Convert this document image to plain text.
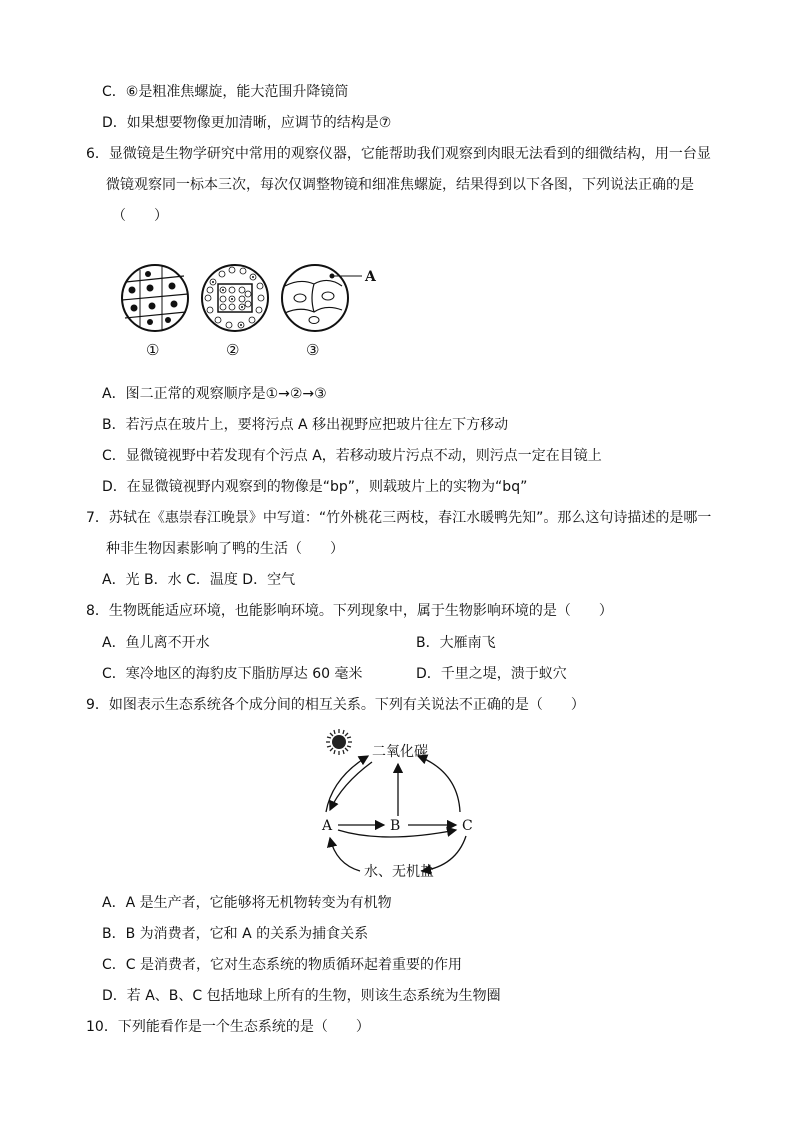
C．⑥是粗准焦螺旋，能大范围升降镜筒
D．如果想要物像更加清晰，应调节的结构是⑦
6．显微镜是生物学研究中常用的观察仪器，它能帮助我们观察到肉眼无法看到的细微结构，用一台显
微镜观察同一标本三次，每次仅调整物镜和细准焦螺旋，结果得到以下各图，下列说法正确的是
（　　）
A
①	②	③
A．图二正常的观察顺序是①→②→③
B．若污点在玻片上，要将污点 A 移出视野应把玻片往左下方移动
C．显微镜视野中若发现有个污点 A，若移动玻片污点不动，则污点一定在目镜上
D．在显微镜视野内观察到的物像是“bp”，则载玻片上的实物为“bq”
7．苏轼在《惠崇春江晚景》中写道：“竹外桃花三两枝，春江水暖鸭先知”。那么这句诗描述的是哪一
种非生物因素影响了鸭的生活（　　）
A．光 B．水 C．温度 D．空气
8．生物既能适应环境，也能影响环境。下列现象中，属于生物影响环境的是（　　）
A．鱼儿离不开水	B．大雁南飞
C．寒冷地区的海豹皮下脂肪厚达 60 毫米	D．千里之堤，溃于蚁穴
9．如图表示生态系统各个成分间的相互关系。下列有关说法不正确的是（　　）
二氧化碳
A	B	C
水、无机盐
A．A 是生产者，它能够将无机物转变为有机物
B．B 为消费者，它和 A 的关系为捕食关系
C．C 是消费者，它对生态系统的物质循环起着重要的作用
D．若 A、B、C 包括地球上所有的生物，则该生态系统为生物圈
10．下列能看作是一个生态系统的是（　　）
